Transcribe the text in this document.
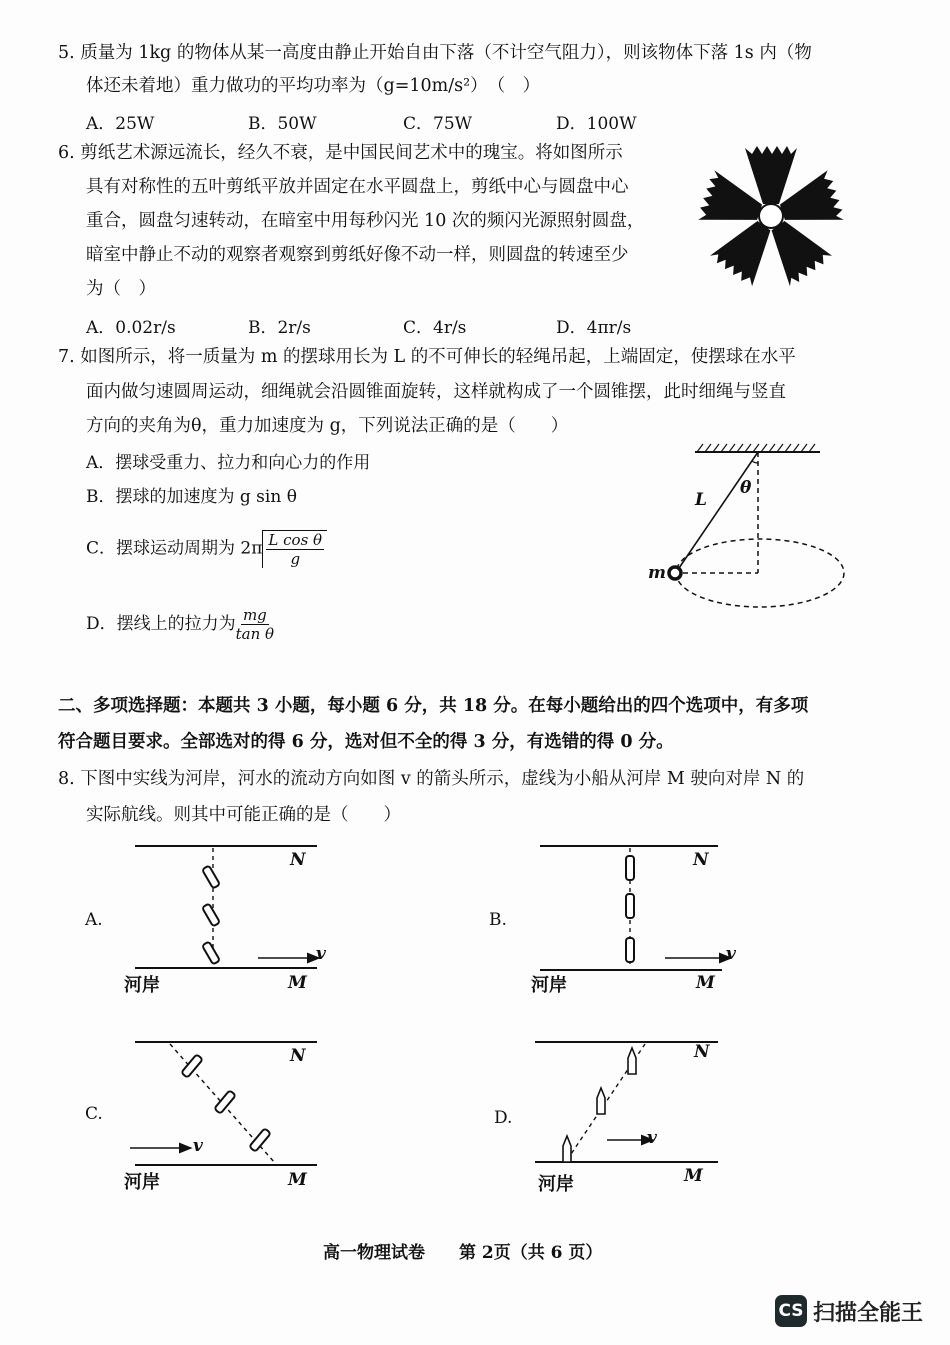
5. 质量为 1kg 的物体从某一高度由静止开始自由下落（不计空气阻力），则该物体下落 1s 内（物
体还未着地）重力做功的平均功率为（g=10m/s²）　（　）
A．25W	B．50W	C．75W	D．100W
6. 剪纸艺术源远流长，经久不衰，是中国民间艺术中的瑰宝。将如图所示
具有对称性的五叶剪纸平放并固定在水平圆盘上，剪纸中心与圆盘中心
重合，圆盘匀速转动，在暗室中用每秒闪光 10 次的频闪光源照射圆盘，
暗室中静止不动的观察者观察到剪纸好像不动一样，则圆盘的转速至少
为（　）
A．0.02r/s	B．2r/s	C．4r/s	D．4πr/s
7. 如图所示，将一质量为 m 的摆球用长为 L 的不可伸长的轻绳吊起，上端固定，使摆球在水平
面内做匀速圆周运动，细绳就会沿圆锥面旋转，这样就构成了一个圆锥摆，此时细绳与竖直
方向的夹角为θ，重力加速度为 g，下列说法正确的是（　　）
A．摆球受重力、拉力和向心力的作用
B．摆球的加速度为 g sin θ
C．摆球运动周期为 $2\pi \frac{\text{L cos θ}}{g}$
D．摆线上的拉力为 $\frac{mg}{\text{tan θ}}$
二、多项选择题：本题共 3 小题，每小题 6 分，共 18 分。在每小题给出的四个选项中，有多项
符合题目要求。全部选对的得 6 分，选对但不全的得 3 分，有选错的得 0 分。
8. 下图中实线为河岸，河水的流动方向如图 v 的箭头所示，虚线为小船从河岸 M 驶向对岸 N 的
实际航线。则其中可能正确的是（　　）
L
θ
m
A.
N
v
河岸	M
B.
N
v
河岸	M
C.
N
v
河岸	M
D.
N
v
河岸	M
高一物理试卷　　第 2页（共 6 页）
CS 扫描全能王
